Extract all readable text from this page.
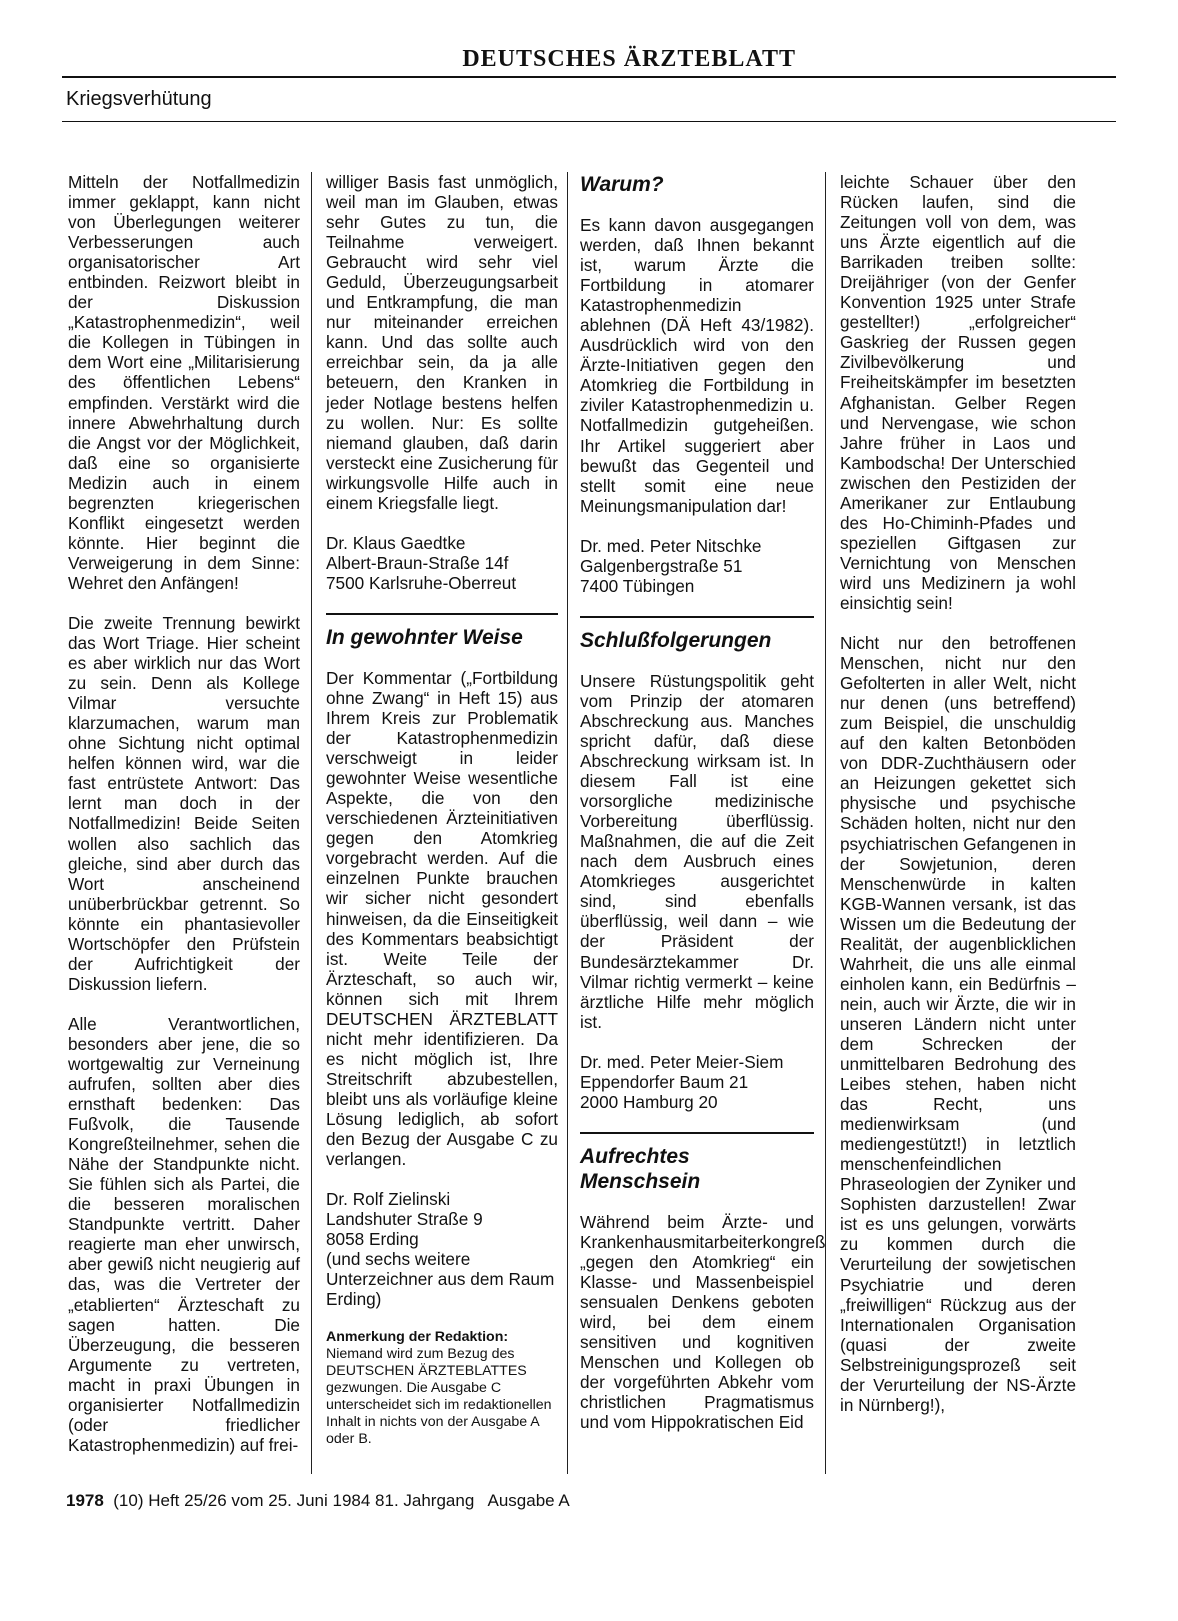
DEUTSCHES ÄRZTEBLATT
Kriegsverhütung

Mitteln der Notfallmedizin immer geklappt, kann nicht von Überlegungen weiterer Verbesserungen auch organisatorischer Art entbinden. Reizwort bleibt in der Diskussion „Katastrophenmedizin“, weil die Kollegen in Tübingen in dem Wort eine „Militarisierung des öffentlichen Lebens“ empfinden. Verstärkt wird die innere Abwehrhaltung durch die Angst vor der Möglichkeit, daß eine so organisierte Medizin auch in einem begrenzten kriegerischen Konflikt eingesetzt werden könnte. Hier beginnt die Verweigerung in dem Sinne: Wehret den Anfängen!

Die zweite Trennung bewirkt das Wort Triage. Hier scheint es aber wirklich nur das Wort zu sein. Denn als Kollege Vilmar versuchte klarzumachen, warum man ohne Sichtung nicht optimal helfen können wird, war die fast entrüstete Antwort: Das lernt man doch in der Notfallmedizin! Beide Seiten wollen also sachlich das gleiche, sind aber durch das Wort anscheinend unüberbrückbar getrennt. So könnte ein phantasievoller Wortschöpfer den Prüfstein der Aufrichtigkeit der Diskussion liefern.

Alle Verantwortlichen, besonders aber jene, die so wortgewaltig zur Verneinung aufrufen, sollten aber dies ernsthaft bedenken: Das Fußvolk, die Tausende Kongreßteilnehmer, sehen die Nähe der Standpunkte nicht. Sie fühlen sich als Partei, die die besseren moralischen Standpunkte vertritt. Daher reagierte man eher unwirsch, aber gewiß nicht neugierig auf das, was die Vertreter der „etablierten“ Ärzteschaft zu sagen hatten. Die Überzeugung, die besseren Argumente zu vertreten, macht in praxi Übungen in organisierter Notfallmedizin (oder friedlicher Katastrophenmedizin) auf frei-

williger Basis fast unmöglich, weil man im Glauben, etwas sehr Gutes zu tun, die Teilnahme verweigert. Gebraucht wird sehr viel Geduld, Überzeugungsarbeit und Entkrampfung, die man nur miteinander erreichen kann. Und das sollte auch erreichbar sein, da ja alle beteuern, den Kranken in jeder Notlage bestens helfen zu wollen. Nur: Es sollte niemand glauben, daß darin versteckt eine Zusicherung für wirkungsvolle Hilfe auch in einem Kriegsfalle liegt.

Dr. Klaus Gaedtke
Albert-Braun-Straße 14f
7500 Karlsruhe-Oberreut
In gewohnter Weise

Der Kommentar („Fortbildung ohne Zwang“ in Heft 15) aus Ihrem Kreis zur Problematik der Katastrophenmedizin verschweigt in leider gewohnter Weise wesentliche Aspekte, die von den verschiedenen Ärzteinitiativen gegen den Atomkrieg vorgebracht werden. Auf die einzelnen Punkte brauchen wir sicher nicht gesondert hinweisen, da die Einseitigkeit des Kommentars beabsichtigt ist. Weite Teile der Ärzteschaft, so auch wir, können sich mit Ihrem DEUTSCHEN ÄRZTEBLATT nicht mehr identifizieren. Da es nicht möglich ist, Ihre Streitschrift abzubestellen, bleibt uns als vorläufige kleine Lösung lediglich, ab sofort den Bezug der Ausgabe C zu verlangen.

Dr. Rolf Zielinski
Landshuter Straße 9
8058 Erding
(und sechs weitere Unterzeichner aus dem Raum Erding)
Anmerkung der Redaktion:
Niemand wird zum Bezug des DEUTSCHEN ÄRZTEBLATTES gezwungen. Die Ausgabe C unterscheidet sich im redaktionellen Inhalt in nichts von der Ausgabe A oder B.
Warum?

Es kann davon ausgegangen werden, daß Ihnen bekannt ist, warum Ärzte die Fortbildung in atomarer Katastrophenmedizin ablehnen (DÄ Heft 43/1982). Ausdrücklich wird von den Ärzte-Initiativen gegen den Atomkrieg die Fortbildung in ziviler Katastrophenmedizin u. Notfallmedizin gutgeheißen. Ihr Artikel suggeriert aber bewußt das Gegenteil und stellt somit eine neue Meinungsmanipulation dar!

Dr. med. Peter Nitschke
Galgenbergstraße 51
7400 Tübingen
Schlußfolgerungen

Unsere Rüstungspolitik geht vom Prinzip der atomaren Abschreckung aus. Manches spricht dafür, daß diese Abschreckung wirksam ist. In diesem Fall ist eine vorsorgliche medizinische Vorbereitung überflüssig. Maßnahmen, die auf die Zeit nach dem Ausbruch eines Atomkrieges ausgerichtet sind, sind ebenfalls überflüssig, weil dann – wie der Präsident der Bundesärztekammer Dr. Vilmar richtig vermerkt – keine ärztliche Hilfe mehr möglich ist.

Dr. med. Peter Meier-Siem
Eppendorfer Baum 21
2000 Hamburg 20
Aufrechtes Menschsein

Während beim Ärzte- und Krankenhausmitarbeiterkongreß „gegen den Atomkrieg“ ein Klasse- und Massenbeispiel sensualen Denkens geboten wird, bei dem einem sensitiven und kognitiven Menschen und Kollegen ob der vorgeführten Abkehr vom christlichen Pragmatismus und vom Hippokratischen Eid

leichte Schauer über den Rücken laufen, sind die Zeitungen voll von dem, was uns Ärzte eigentlich auf die Barrikaden treiben sollte: Dreijähriger (von der Genfer Konvention 1925 unter Strafe gestellter!) „erfolgreicher“ Gaskrieg der Russen gegen Zivilbevölkerung und Freiheitskämpfer im besetzten Afghanistan. Gelber Regen und Nervengase, wie schon Jahre früher in Laos und Kambodscha! Der Unterschied zwischen den Pestiziden der Amerikaner zur Entlaubung des Ho-Chiminh-Pfades und speziellen Giftgasen zur Vernichtung von Menschen wird uns Medizinern ja wohl einsichtig sein!

Nicht nur den betroffenen Menschen, nicht nur den Gefolterten in aller Welt, nicht nur denen (uns betreffend) zum Beispiel, die unschuldig auf den kalten Betonböden von DDR-Zuchthäusern oder an Heizungen gekettet sich physische und psychische Schäden holten, nicht nur den psychiatrischen Gefangenen in der Sowjetunion, deren Menschenwürde in kalten KGB-Wannen versank, ist das Wissen um die Bedeutung der Realität, der augenblicklichen Wahrheit, die uns alle einmal einholen kann, ein Bedürfnis – nein, auch wir Ärzte, die wir in unseren Ländern nicht unter dem Schrecken der unmittelbaren Bedrohung des Leibes stehen, haben nicht das Recht, uns medienwirksam (und mediengestützt!) in letztlich menschenfeindlichen Phraseologien der Zyniker und Sophisten darzustellen! Zwar ist es uns gelungen, vorwärts zu kommen durch die Verurteilung der sowjetischen Psychiatrie und deren „freiwilligen“ Rückzug aus der Internationalen Organisation (quasi der zweite Selbstreinigungsprozeß seit der Verurteilung der NS-Ärzte in Nürnberg!),

1978  (10) Heft 25/26 vom 25. Juni 1984 81. Jahrgang   Ausgabe A
